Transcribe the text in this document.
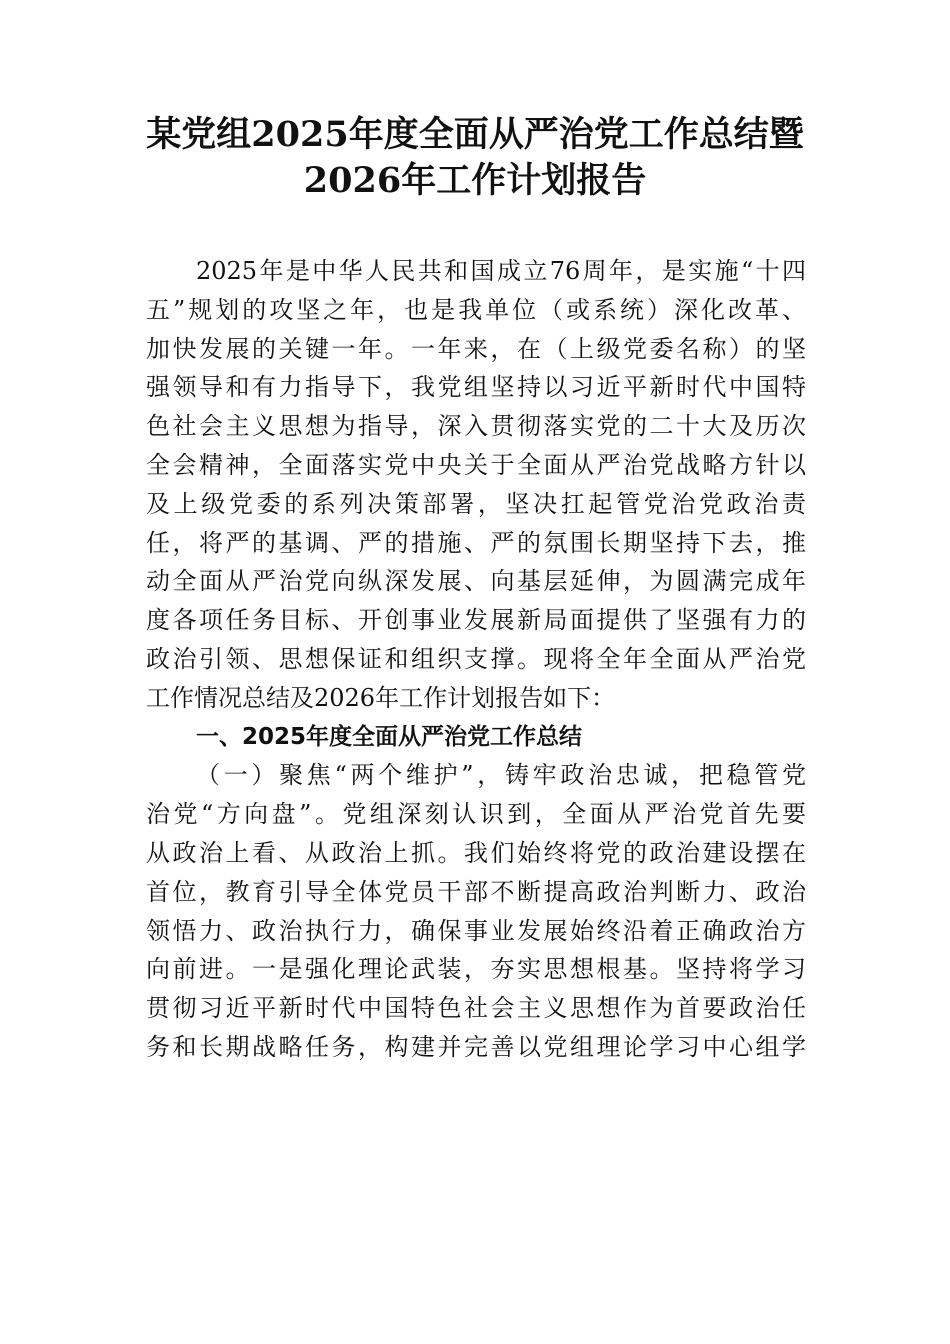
某党组2025年度全面从严治党工作总结暨
2026年工作计划报告
2025年是中华人民共和国成立76周年，是实施“十四
五”规划的攻坚之年，也是我单位（或系统）深化改革、
加快发展的关键一年。一年来，在（上级党委名称）的坚
强领导和有力指导下，我党组坚持以习近平新时代中国特
色社会主义思想为指导，深入贯彻落实党的二十大及历次
全会精神，全面落实党中央关于全面从严治党战略方针以
及上级党委的系列决策部署，坚决扛起管党治党政治责
任，将严的基调、严的措施、严的氛围长期坚持下去，推
动全面从严治党向纵深发展、向基层延伸，为圆满完成年
度各项任务目标、开创事业发展新局面提供了坚强有力的
政治引领、思想保证和组织支撑。现将全年全面从严治党
工作情况总结及2026年工作计划报告如下：
一、2025年度全面从严治党工作总结
（一）聚焦“两个维护”，铸牢政治忠诚，把稳管党
治党“方向盘”。党组深刻认识到，全面从严治党首先要
从政治上看、从政治上抓。我们始终将党的政治建设摆在
首位，教育引导全体党员干部不断提高政治判断力、政治
领悟力、政治执行力，确保事业发展始终沿着正确政治方
向前进。一是强化理论武装，夯实思想根基。坚持将学习
贯彻习近平新时代中国特色社会主义思想作为首要政治任
务和长期战略任务，构建并完善以党组理论学习中心组学
